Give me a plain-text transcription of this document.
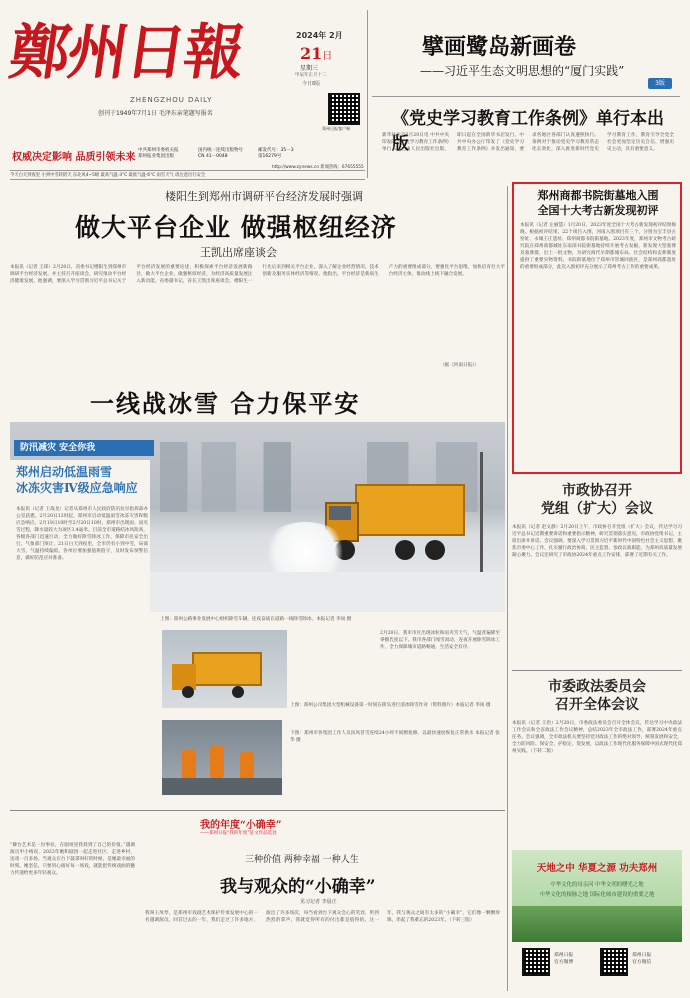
鄭州日報
ZHENGZHOU DAILY
创刊于1949年7月1日 毛泽东亲笔题写报名
2024年 2月
21日
星期三
甲辰年正月十二
今日8版
郑州日报客户端
权威决定影响 品质引领未来
中共郑州市委机关报
郑州报业集团出版
国内统一连续出版物号
CN 41－0048
邮发代号：35－3
第16279号
http://www.zynews.cn 新闻热线：67655555
今天白天到夜里 小到中雪转阴天 东北风4~5级 最高气温-3°C 最低气温-6°C 雨雪天气 请注意出行安全
擘画鹭岛新画卷
——习近平生态文明思想的“厦门实践”
3版
《党史学习教育工作条例》单行本出版
新华社北京2月20日电 中共中央印发的《党史学习教育工作条例》单行本，已由人民出版社出版，即日起在全国新华书店发行。中共中央办公厅印发了《党史学习教育工作条例》并发出通知，要求各地区各部门认真遵照执行。条例对于推动党史学习教育常态化长效化，深入推进新时代党史学习教育工作，教育引导全党全社会更加坚定历史自信、增强历史主动，具有重要意义。
楼阳生到郑州市调研平台经济发展时强调
做大平台企业 做强枢纽经济
王凯出席座谈会
本报讯（记者 王锋）2月20日，省委书记楼阳生到郑州市调研平台经济发展，并主持召开座谈会，研究推动平台经济健康发展。他强调，要深入学习贯彻习近平总书记关于平台经济发展的重要论述，积极探索平台经济发展新路径，做大平台企业、做强枢纽经济，为经济高质量发展注入新动能。省委副书记、省长王凯出席座谈会。楼阳生一行先后来到相关平台企业，深入了解企业经营情况、技术创新及服务实体经济等情况。他指出，平台经济是新质生产力的重要组成部分，要强化平台思维，加快培育壮大平台经济主体，推动线上线下融合发展。
（据《河南日报》）
郑州商都书院街墓地入围
全国十大考古新发现初评
本报讯（记者 左丽慧）1月20日，2023年度全国十大考古新发现初评结果揭晓。根据初评结果，22个项目入围，河南入围项目有三个，分别为宝丰县古窑址、永城王庄遗址、郑州商都书院街墓地。2023年度，郑州市文物考古研究院在郑州商都城址东南部书院街墓地持续开展考古发掘，新发现大型墓葬及墓葬群，出土一批文物，为研究商代早期都城布局、社会结构和丧葬制度提供了重要实物资料。书院街墓地位于郑州市管城回族区，是郑州商都遗址的重要组成部分，此次入围初评充分展示了郑州考古工作的重要成果。
一线战冰雪 合力保平安
防汛减灾 安全你我
郑州启动低温雨雪
冰冻灾害Ⅳ级应急响应
本报讯（记者 王战龙）记者从郑州市人民政府防汛抗旱指挥部办公室获悉，2月20日12时起，郑州市启动低温雨雪冰冻灾害Ⅳ级应急响应。2月19日10时至2月20日10时，郑州市出现雨、雨夹雪过程，降水量较大为项区3.4毫米。目前全市道路结冰风险高，各级各部门迅速行动，全力做好除雪除冰工作，保障市民安全出行。气象部门预计，21日白天到夜里，全市仍有小到中雪，局部大雪，气温持续偏低，各单位要加强值班值守，及时发布预警信息，做好防范应对准备。
上图：郑州公路事业发展中心组织除雪车辆，连夜奋战在道路一线除雪除冰。本报记者 李岗 摄
2月20日，我市市区出现冰粒和雨夹雪天气，气温普遍降至零摄氏度以下。我市各部门闻雪而动，连夜开展除雪除冰工作，全力保障城市道路畅通，生活安全有序。
上图：郑州公司集团大型机械设备第一时间在街头进行清冰除雪作业（资料图片）本报记者 李岗 摄
下图：郑州市各集团工作人员顶风冒雪连续24小时不间断抢修，以最快速度恢复正常供水 本报记者 张华 摄
市政协召开
党组（扩大）会议
本报讯（记者 赵文静）2月20日上午，市政协召开党组（扩大）会议，传达学习习近平总书记近期重要讲话和重要指示精神，研究贯彻落实意见。市政协党组书记、主席出席并讲话。会议强调，要深入学习贯彻习近平新时代中国特色社会主义思想，聚焦市委中心工作，扎实履行政治协商、民主监督、参政议政职能，为郑州高质量发展凝心聚力。会议还研究了市政协2024年重点工作安排，部署了近期有关工作。
市委政法委员会
召开全体会议
本报讯（记者 王治）2月20日，市委政法委员会召开全体会议，传达学习中央政法工作会议和全省政法工作会议精神，总结2023年全市政法工作，部署2024年重点任务。会议强调，全市政法机关要坚持党对政法工作的绝对领导，统筹发展和安全，全力防风险、保安全、护稳定、促发展，以政法工作现代化服务保障中国式现代化郑州实践。（下转二版）
我的年度“小确幸”
——郑州日报“我的年度”征文作品选登
“舞台艺术是一份事业，在剧场里我找到了自己的价值。”越调演员申小梅说，2023年她和剧团一起走进社区、走进乡村，送戏一百多场。当观众在台下鼓掌叫好的时候，是她最幸福的时刻。她坚信，只要用心演好每一场戏，就能把传统戏曲的魅力传递给更多年轻观众。
三种价值 两种幸福 一种人生
我与观众的“小确幸”
见习记者 李晨正
我叫王凤琴，是郑州市戏剧艺术保护传承发展中心的一名越调演员。回首过去的一年，我们走过了许多地方，演出了许多场次，每当看到台下观众会心的笑容，听到热烈的掌声，我就觉得所有的付出都是值得的。这一年，我与观众之间有太多的“小确幸”，它们像一颗颗珍珠，串起了我难忘的2023年。（下转三版）
天地之中 华夏之源 功夫郑州
中华文化的母亲河 中华文明的曙光之地
中华文化的根脉之地 国际化城市建设的重要之地
郑州日报
官方微博
郑州日报
官方微信
